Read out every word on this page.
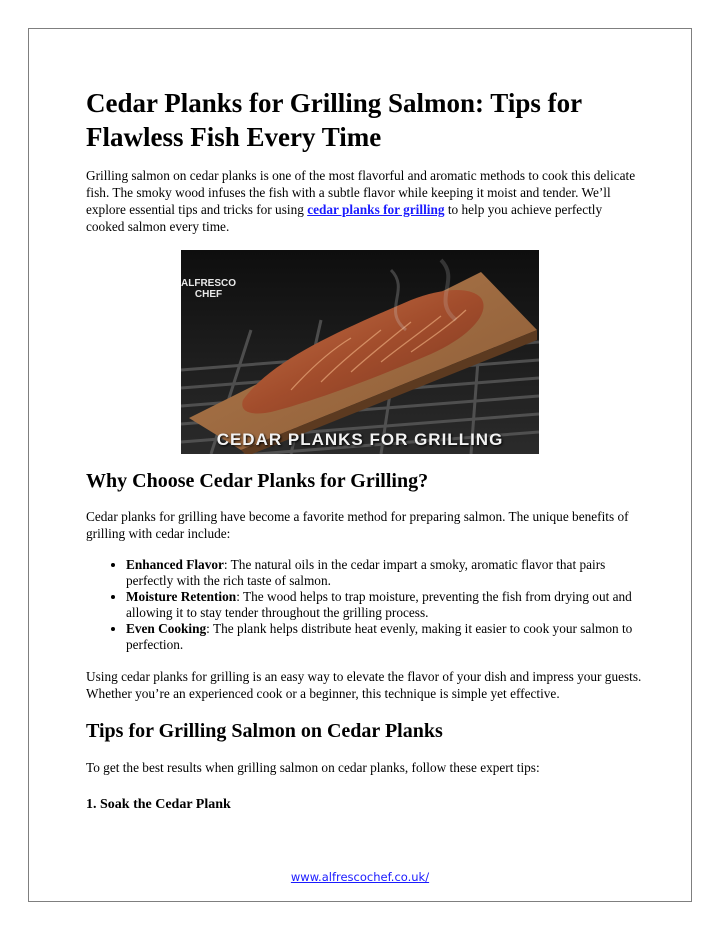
Cedar Planks for Grilling Salmon: Tips for Flawless Fish Every Time

Grilling salmon on cedar planks is one of the most flavorful and aromatic methods to cook this delicate fish. The smoky wood infuses the fish with a subtle flavor while keeping it moist and tender. We’ll explore essential tips and tricks for using cedar planks for grilling to help you achieve perfectly cooked salmon every time.

ALFRESCO
CHEF
CEDAR PLANKS FOR GRILLING
Why Choose Cedar Planks for Grilling?

Cedar planks for grilling have become a favorite method for preparing salmon. The unique benefits of grilling with cedar include:

• Enhanced Flavor: The natural oils in the cedar impart a smoky, aromatic flavor that pairs perfectly with the rich taste of salmon.
• Moisture Retention: The wood helps to trap moisture, preventing the fish from drying out and allowing it to stay tender throughout the grilling process.
• Even Cooking: The plank helps distribute heat evenly, making it easier to cook your salmon to perfection.

Using cedar planks for grilling is an easy way to elevate the flavor of your dish and impress your guests. Whether you’re an experienced cook or a beginner, this technique is simple yet effective.

Tips for Grilling Salmon on Cedar Planks

To get the best results when grilling salmon on cedar planks, follow these expert tips:

1. Soak the Cedar Plank
www.alfrescochef.co.uk/
